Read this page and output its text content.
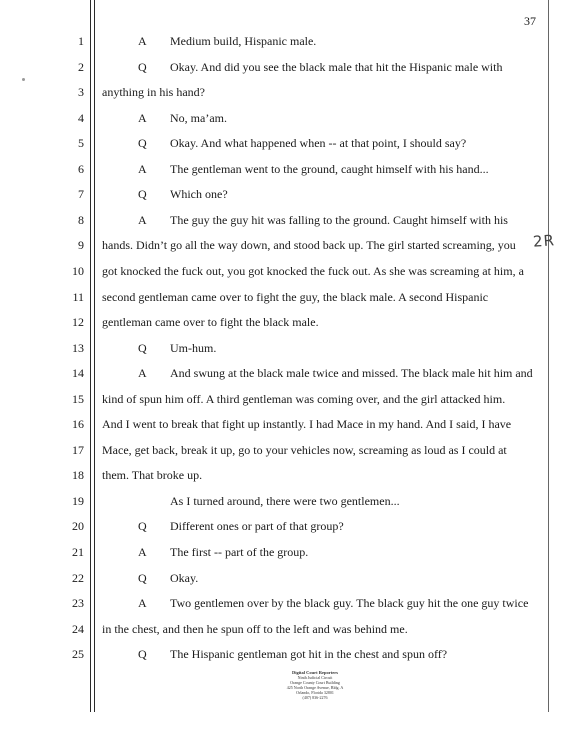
37
1	A Medium build, Hispanic male.
2	Q Okay. And did you see the black male that hit the Hispanic male with
3 anything in his hand?
4	A No, ma’am.
5	Q Okay. And what happened when -- at that point, I should say?
6	A The gentleman went to the ground, caught himself with his hand...
7	Q Which one?
8	A The guy the guy hit was falling to the ground. Caught himself with his
9 hands. Didn’t go all the way down, and stood back up. The girl started screaming, you
10 got knocked the fuck out, you got knocked the fuck out. As she was screaming at him, a
11 second gentleman came over to fight the guy, the black male. A second Hispanic
12 gentleman came over to fight the black male.
13	Q Um-hum.
14	A And swung at the black male twice and missed. The black male hit him and
15 kind of spun him off. A third gentleman was coming over, and the girl attacked him.
16 And I went to break that fight up instantly. I had Mace in my hand. And I said, I have
17 Mace, get back, break it up, go to your vehicles now, screaming as loud as I could at
18 them. That broke up.
19	As I turned around, there were two gentlemen...
20	Q Different ones or part of that group?
21	A The first -- part of the group.
22	Q Okay.
23	A Two gentlemen over by the black guy. The black guy hit the one guy twice
24 in the chest, and then he spun off to the left and was behind me.
25	Q The Hispanic gentleman got hit in the chest and spun off?
2R
Digital Court Reporters
Ninth Judicial Circuit
Orange County Court Building
425 North Orange Avenue, Bldg. A
Orlando, Florida 32801
(407) 836-2276
